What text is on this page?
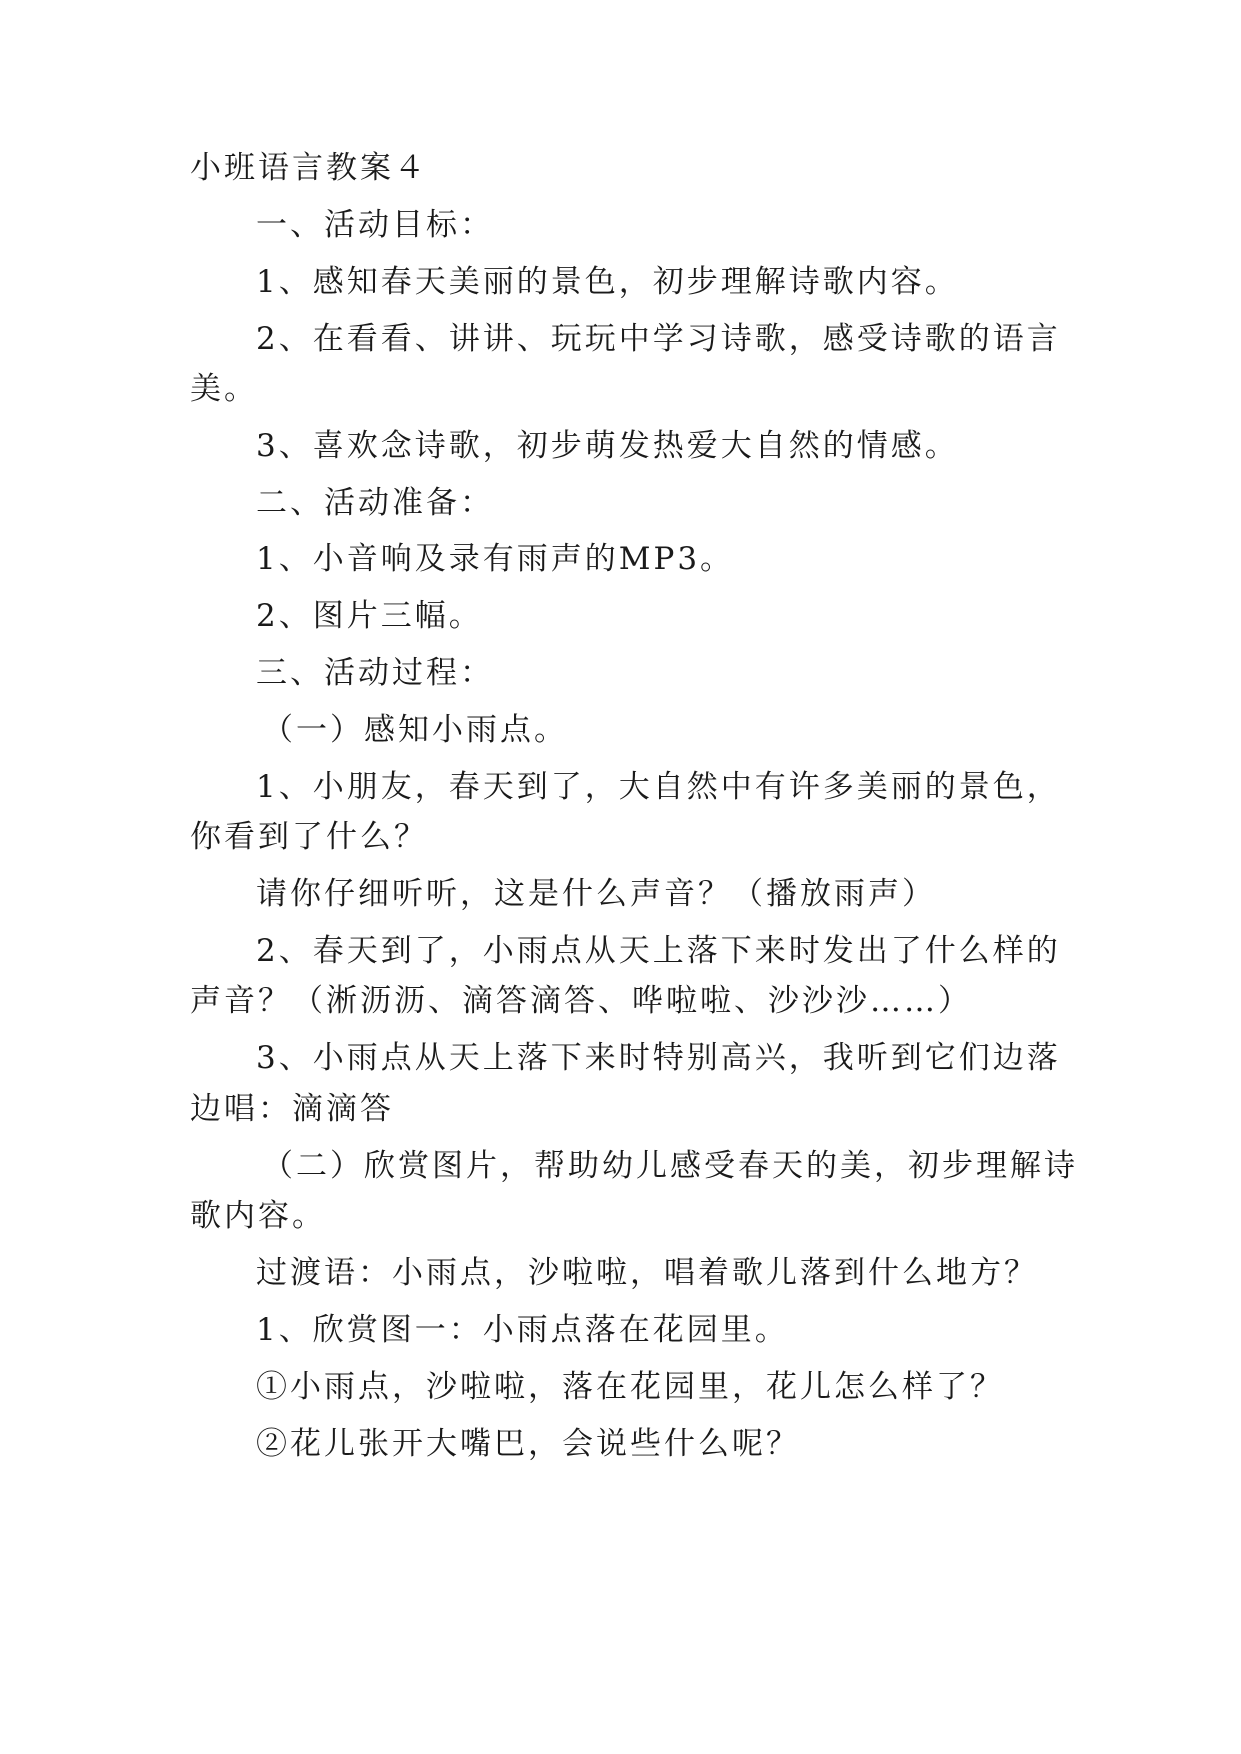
小班语言教案４
一、活动目标：
1、感知春天美丽的景色，初步理解诗歌内容。
2、在看看、讲讲、玩玩中学习诗歌，感受诗歌的语言
美。
3、喜欢念诗歌，初步萌发热爱大自然的情感。
二、活动准备：
1、小音响及录有雨声的MP3。
2、图片三幅。
三、活动过程：
（一）感知小雨点。
1、小朋友，春天到了，大自然中有许多美丽的景色，
你看到了什么？
请你仔细听听，这是什么声音？（播放雨声）
2、春天到了，小雨点从天上落下来时发出了什么样的
声音？（淅沥沥、滴答滴答、哗啦啦、沙沙沙……）
3、小雨点从天上落下来时特别高兴，我听到它们边落
边唱：滴滴答
（二）欣赏图片，帮助幼儿感受春天的美，初步理解诗
歌内容。
过渡语：小雨点，沙啦啦，唱着歌儿落到什么地方？
1、欣赏图一：小雨点落在花园里。
①小雨点，沙啦啦，落在花园里，花儿怎么样了？
②花儿张开大嘴巴，会说些什么呢？
